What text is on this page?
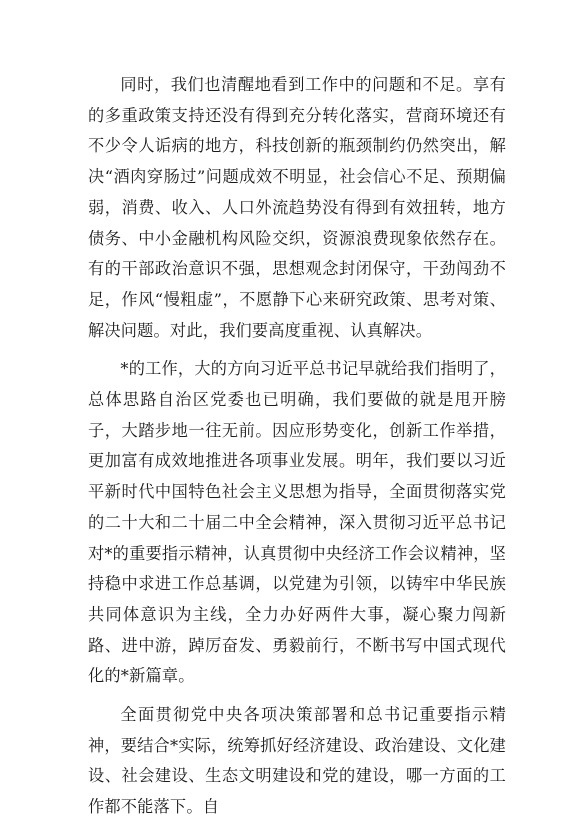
同时，我们也清醒地看到工作中的问题和不足。享有的多重政策支持还没有得到充分转化落实，营商环境还有不少令人诟病的地方，科技创新的瓶颈制约仍然突出，解决“酒肉穿肠过”问题成效不明显，社会信心不足、预期偏弱，消费、收入、人口外流趋势没有得到有效扭转，地方债务、中小金融机构风险交织，资源浪费现象依然存在。有的干部政治意识不强，思想观念封闭保守，干劲闯劲不足，作风“慢粗虚”，不愿静下心来研究政策、思考对策、解决问题。对此，我们要高度重视、认真解决。

*的工作，大的方向习近平总书记早就给我们指明了，总体思路自治区党委也已明确，我们要做的就是甩开膀子，大踏步地一往无前。因应形势变化，创新工作举措，更加富有成效地推进各项事业发展。明年，我们要以习近平新时代中国特色社会主义思想为指导，全面贯彻落实党的二十大和二十届二中全会精神，深入贯彻习近平总书记对*的重要指示精神，认真贯彻中央经济工作会议精神，坚持稳中求进工作总基调，以党建为引领，以铸牢中华民族共同体意识为主线，全力办好两件大事，凝心聚力闯新路、进中游，踔厉奋发、勇毅前行，不断书写中国式现代化的*新篇章。

全面贯彻党中央各项决策部署和总书记重要指示精神，要结合*实际，统筹抓好经济建设、政治建设、文化建设、社会建设、生态文明建设和党的建设，哪一方面的工作都不能落下。自
